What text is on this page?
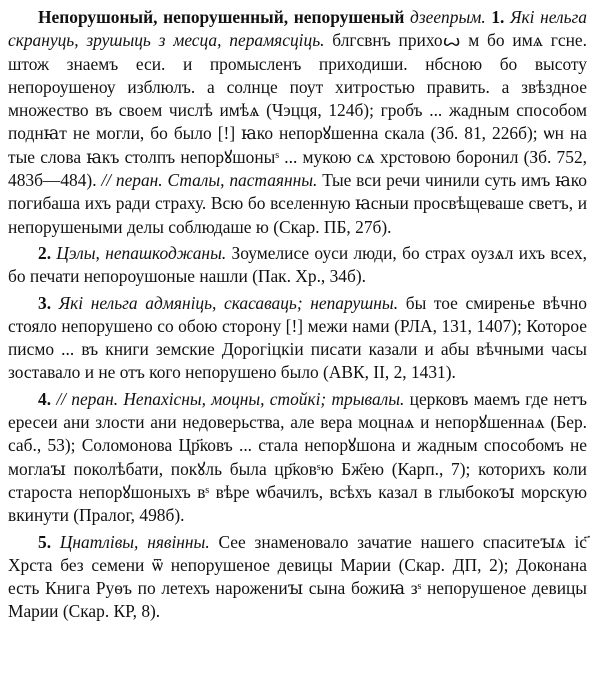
Непорушоный, непорушенный, непорушеный дзеeпрым. 1. Які нельга скрануць, зрушыць з месца, перамясціць. блгсвнъ прихоꙍ м бо имѧ гсне. штож знаемъ еси. и промысленъ приходиши. нбсною бо высоту непороушеноу изблюлъ. а солнце поут хитростью править. а звѣздное множество въ своем числѣ имѣѧ (Чэцця, 124б); гробъ ... жадным способом поднꙗт не могли, бо было [!] ꙗко непорꙋшенна скала (Зб. 81, 226б); ѡн на тые слова ꙗкъ столпъ непорꙋшоныˢ ... мукою сѧ хрстовою боронил (Зб. 752, 483б—484). // перан. Сталы, пастаянны. Тые вси речи чинили суть имъ ꙗко погибаша ихъ ради страху. Всю бо вселенную ꙗсныи просвѣщеваше светъ, и непорушеными делы соблюдаше ю (Скар. ПБ, 27б).

2. Цэлы, непашкоджаны. Зоумелисе оуси люди, бо страх оузѧл ихъ всех, бо печати непороушоные нашли (Пак. Хр., 34б).

3. Які нельга адмяніць, скасаваць; непарушны. бы тое смиренье вѣчно стояло непорушено со обою сторону [!] межи нами (РЛА, 131, 1407); Которое писмо ... въ книги земские Дорогіцкіи писати казали и абы вѣчными часы зоставало и не отъ кого непорушено было (АВК, II, 2, 1431).

4. // перан. Непахісны, моцны, стойкі; трывалы. церковъ маемъ где нетъ ересеи ани злости ани недоверьства, але вера моцнаѧ и непорꙋшеннаѧ (Бер. саб., 53); Соломонова Цр҃ковъ ... стала непорꙋшона и жадным способомъ не моглаꙑ поколѣбати, покꙋль была цр҃ковˢю Бж҃ею (Карп., 7); которихъ коли староста непорꙋшоныхъ вˢ вѣре ѡбачилъ, всѣхъ казал в глыбокоꙑ морскую вкинути (Пралог, 498б).

5. Цнатлівы, нявінны. Сее знаменовало зачатие нашего спаситеꙑѧ іс҃ Хрста без семени ѿ непорушеное девицы Марии (Скар. ДП, 2); Доконана есть Книга Руѳъ по летехъ нарожениꙑ сына божиꙗ зˢ непорушеное девицы Марии (Скар. КР, 8).
